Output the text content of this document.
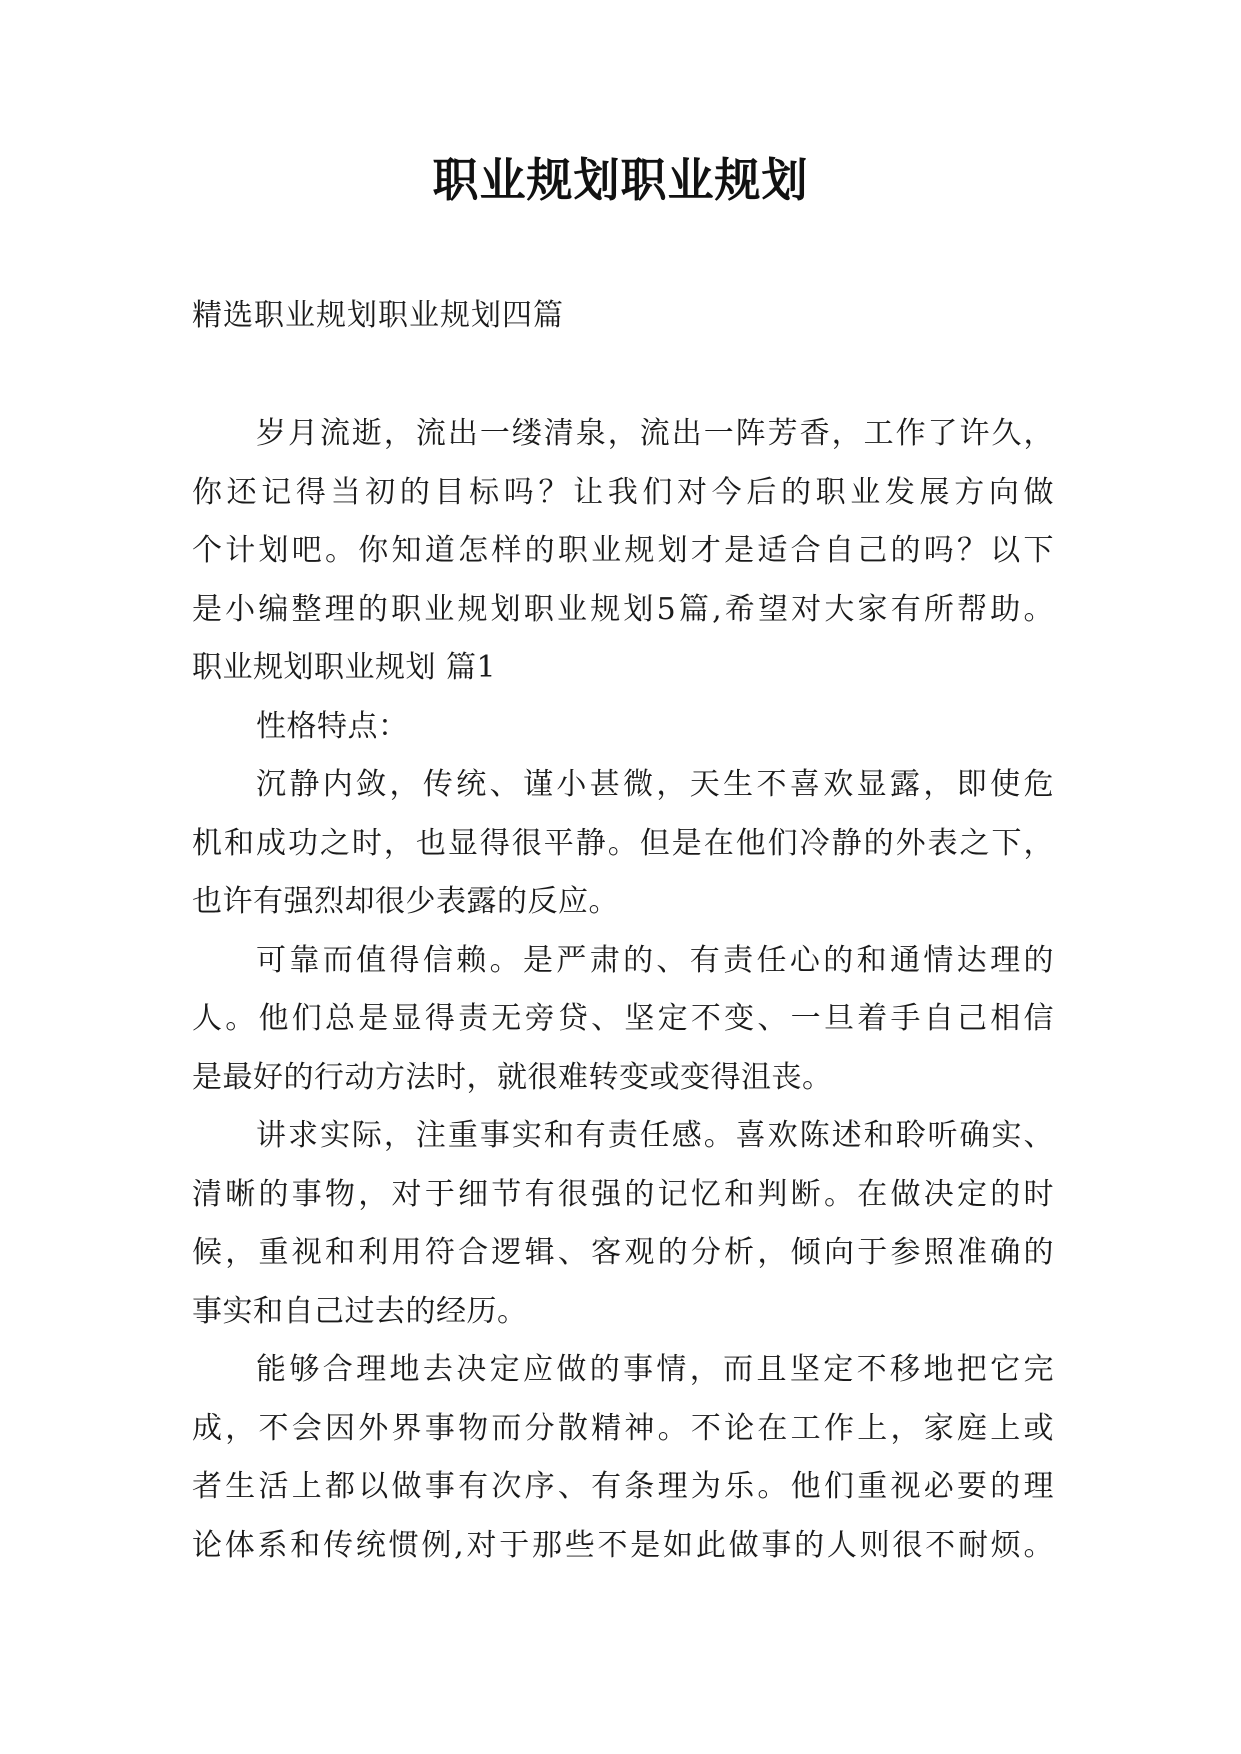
职业规划职业规划
精选职业规划职业规划四篇
岁月流逝，流出一缕清泉，流出一阵芳香，工作了许久，
你还记得当初的目标吗？让我们对今后的职业发展方向做
个计划吧。你知道怎样的职业规划才是适合自己的吗？以下
是小编整理的职业规划职业规划5篇,希望对大家有所帮助。
职业规划职业规划 篇1
性格特点：
沉静内敛，传统、谨小甚微，天生不喜欢显露，即使危
机和成功之时，也显得很平静。但是在他们冷静的外表之下，
也许有强烈却很少表露的反应。
可靠而值得信赖。是严肃的、有责任心的和通情达理的
人。他们总是显得责无旁贷、坚定不变、一旦着手自己相信
是最好的行动方法时，就很难转变或变得沮丧。
讲求实际，注重事实和有责任感。喜欢陈述和聆听确实、
清晰的事物，对于细节有很强的记忆和判断。在做决定的时
候，重视和利用符合逻辑、客观的分析，倾向于参照准确的
事实和自己过去的经历。
能够合理地去决定应做的事情，而且坚定不移地把它完
成，不会因外界事物而分散精神。不论在工作上，家庭上或
者生活上都以做事有次序、有条理为乐。他们重视必要的理
论体系和传统惯例,对于那些不是如此做事的人则很不耐烦。
